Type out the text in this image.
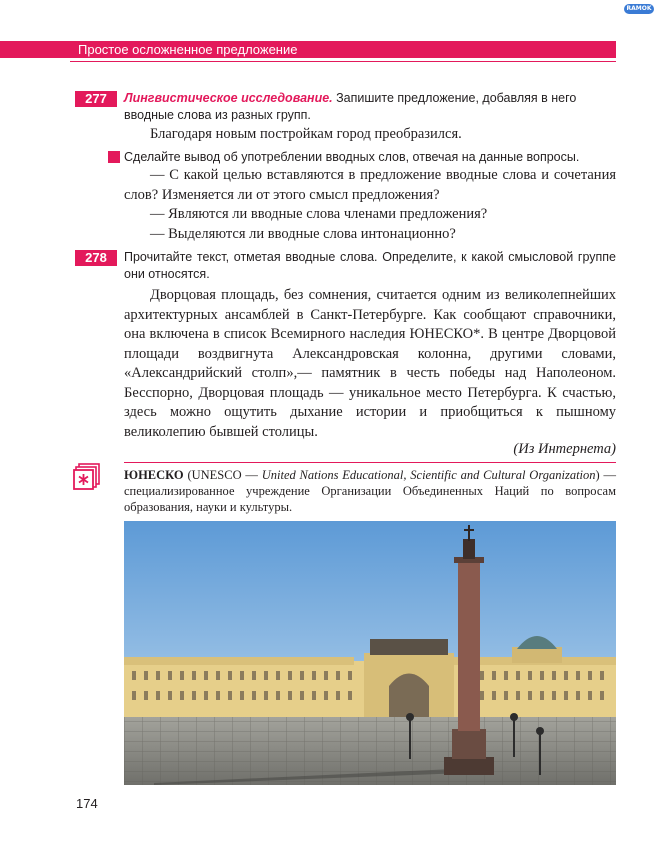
RAMOK
Простое осложненное предложение
277	Лингвистическое исследование. Запишите предложение, добавляя в него вводные слова из разных групп.
Благодаря новым постройкам город преобразился.
Сделайте вывод об употреблении вводных слов, отвечая на данные вопросы.
— С какой целью вставляются в предложение вводные слова и сочетания слов? Изменяется ли от этого смысл предложения?
— Являются ли вводные слова членами предложения?
— Выделяются ли вводные слова интонационно?
278	Прочитайте текст, отметая вводные слова. Определите, к какой смысловой группе они относятся.
Дворцовая площадь, без сомнения, считается одним из великолепнейших архитектурных ансамблей в Санкт-Петербурге. Как сообщают справочники, она включена в список Всемирного наследия ЮНЕСКО*. В центре Дворцовой площади воздвигнута Александровская колонна, другими словами, «Александрийский столп»,— памятник в честь победы над Наполеоном. Бесспорно, Дворцовая площадь — уникальное место Петербурга. К счастью, здесь можно ощутить дыхание истории и приобщиться к пышному великолепию бывшей столицы.
(Из Интернета)
ЮНЕСКО (UNESCO — United Nations Educational, Scientific and Cultural Organization) — специализированное учреждение Организации Объединенных Наций по вопросам образования, науки и культуры.
174
